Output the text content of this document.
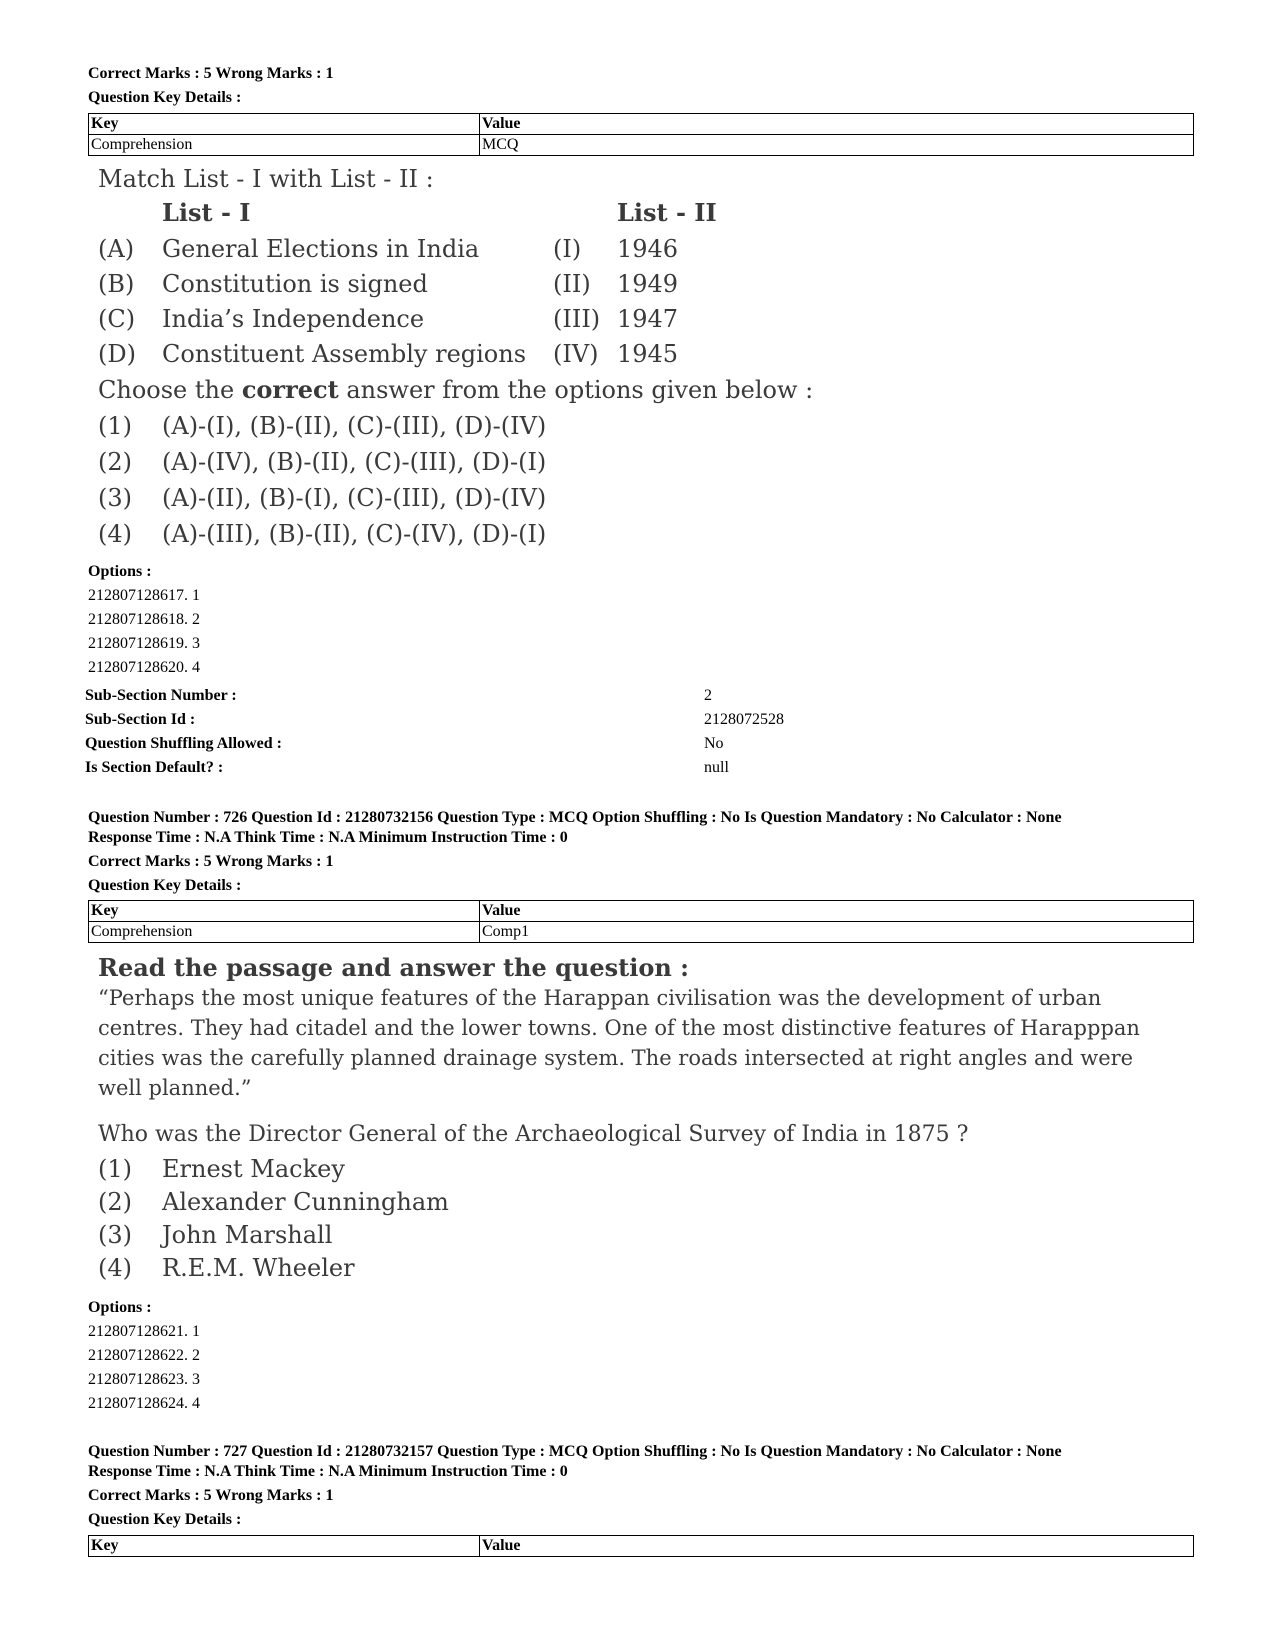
Correct Marks : 5 Wrong Marks : 1
Question Key Details :
Key	Value
Comprehension	MCQ
Match List - I with List - II :
List - I	List - II
(A) General Elections in India	(I) 1946
(B) Constitution is signed	(II) 1949
(C) India’s Independence	(III) 1947
(D) Constituent Assembly regions (IV) 1945
Choose the correct answer from the options given below :
(1) (A)-(I), (B)-(II), (C)-(III), (D)-(IV)
(2) (A)-(IV), (B)-(II), (C)-(III), (D)-(I)
(3) (A)-(II), (B)-(I), (C)-(III), (D)-(IV)
(4) (A)-(III), (B)-(II), (C)-(IV), (D)-(I)
Options :
212807128617. 1
212807128618. 2
212807128619. 3
212807128620. 4
Sub-Section Number :	2
Sub-Section Id :	2128072528
Question Shuffling Allowed :	No
Is Section Default? :	null
Question Number : 726 Question Id : 21280732156 Question Type : MCQ Option Shuffling : No Is Question Mandatory : No Calculator : None
Response Time : N.A Think Time : N.A Minimum Instruction Time : 0
Correct Marks : 5 Wrong Marks : 1
Question Key Details :
Key	Value
Comprehension	Comp1
Read the passage and answer the question :
“Perhaps the most unique features of the Harappan civilisation was the development of urban
centres. They had citadel and the lower towns. One of the most distinctive features of Harapppan
cities was the carefully planned drainage system. The roads intersected at right angles and were
well planned.”
Who was the Director General of the Archaeological Survey of India in 1875 ?
(1) Ernest Mackey
(2) Alexander Cunningham
(3) John Marshall
(4) R.E.M. Wheeler
Options :
212807128621. 1
212807128622. 2
212807128623. 3
212807128624. 4
Question Number : 727 Question Id : 21280732157 Question Type : MCQ Option Shuffling : No Is Question Mandatory : No Calculator : None
Response Time : N.A Think Time : N.A Minimum Instruction Time : 0
Correct Marks : 5 Wrong Marks : 1
Question Key Details :
Key	Value
